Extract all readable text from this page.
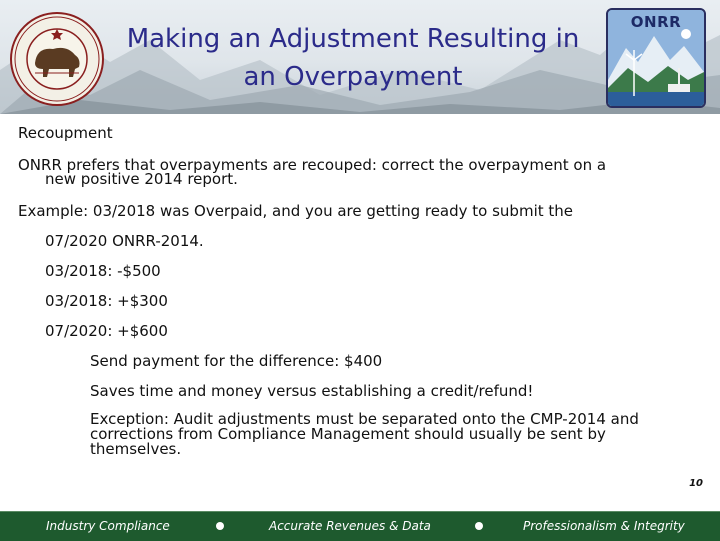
Making an Adjustment Resulting in
an Overpayment
ONRR
Recoupment
ONRR prefers that overpayments are recouped: correct the overpayment on a
new positive 2014 report.
Example: 03/2018 was Overpaid, and you are getting ready to submit the
07/2020 ONRR-2014.
03/2018: -$500
03/2018: +$300
07/2020: +$600
Send payment for the difference: $400
Saves time and money versus establishing a credit/refund!
Exception: Audit adjustments must be separated onto the CMP-2014 and corrections from Compliance Management should usually be sent by themselves.
10
Industry Compliance	Accurate Revenues & Data	Professionalism & Integrity
